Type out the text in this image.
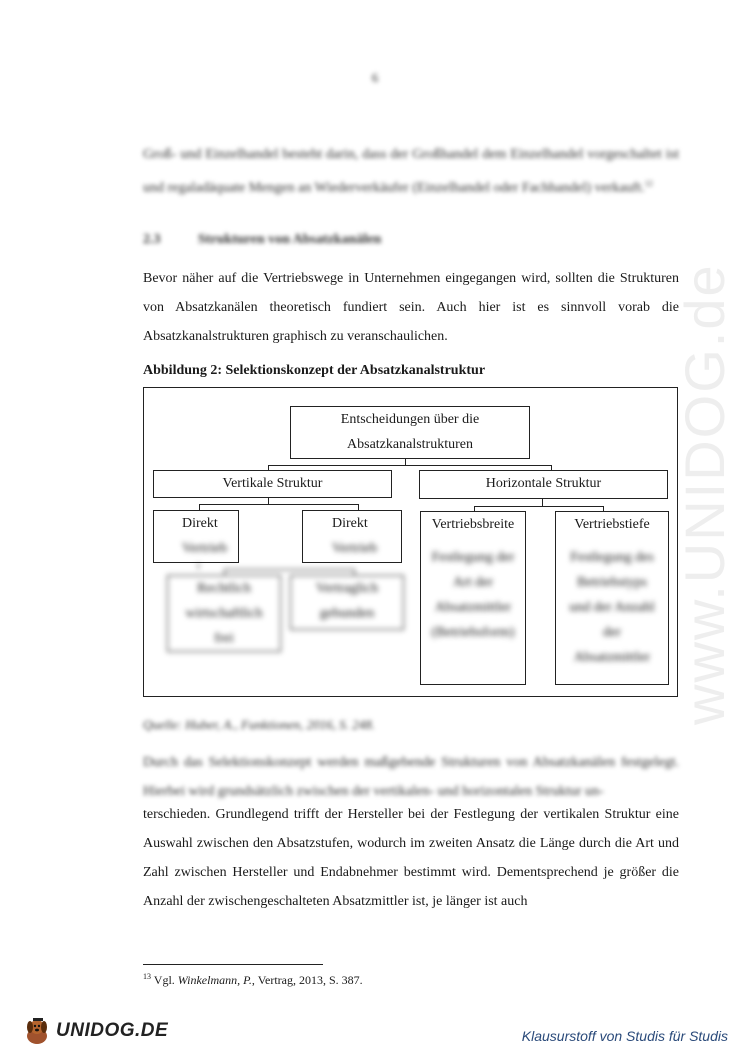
www.UNIDOG.de
6
Groß- und Einzelhandel besteht darin, dass der Großhandel dem Einzelhandel vorgeschaltet ist und regaladäquate Mengen an Wiederverkäufer (Einzelhandel oder Fachhandel) verkauft.$^{12}$
2.3	Strukturen von Absatzkanälen
Bevor näher auf die Vertriebswege in Unternehmen eingegangen wird, sollten die Strukturen von Absatzkanälen theoretisch fundiert sein. Auch hier ist es sinnvoll vorab die Absatzkanalstrukturen graphisch zu veranschaulichen.
Abbildung 2: Selektionskonzept der Absatzkanalstruktur
Entscheidungen über die
Absatzkanalstrukturen
Vertikale Struktur	Horizontale Struktur
Direkt
Vertrieb
Direkt
Vertrieb
Vertriebsbreite
Festlegung der
Art der
Absatzmittler
(Betriebsform)
Vertriebstiefe
Festlegung des
Betriebstyps
und der Anzahl
der
Absatzmittler
Rechtlich
wirtschaftlich
frei
Vertraglich
gebunden
Quelle: Huber, A., Funktionen, 2016, S. 248.
Durch das Selektionskonzept werden maßgebende Strukturen von Absatzkanälen festgelegt. Hierbei wird grundsätzlich zwischen der vertikalen- und horizontalen Struktur un-
terschieden. Grundlegend trifft der Hersteller bei der Festlegung der vertikalen Struktur eine Auswahl zwischen den Absatzstufen, wodurch im zweiten Ansatz die Länge durch die Art und Zahl zwischen Hersteller und Endabnehmer bestimmt wird. Dementsprechend je größer die Anzahl der zwischengeschalteten Absatzmittler ist, je länger ist auch
$^{13}$ Vgl. Winkelmann, P., Vertrag, 2013, S. 387.
UNIDOG.DE	Klausurstoff von Studis für Studis
